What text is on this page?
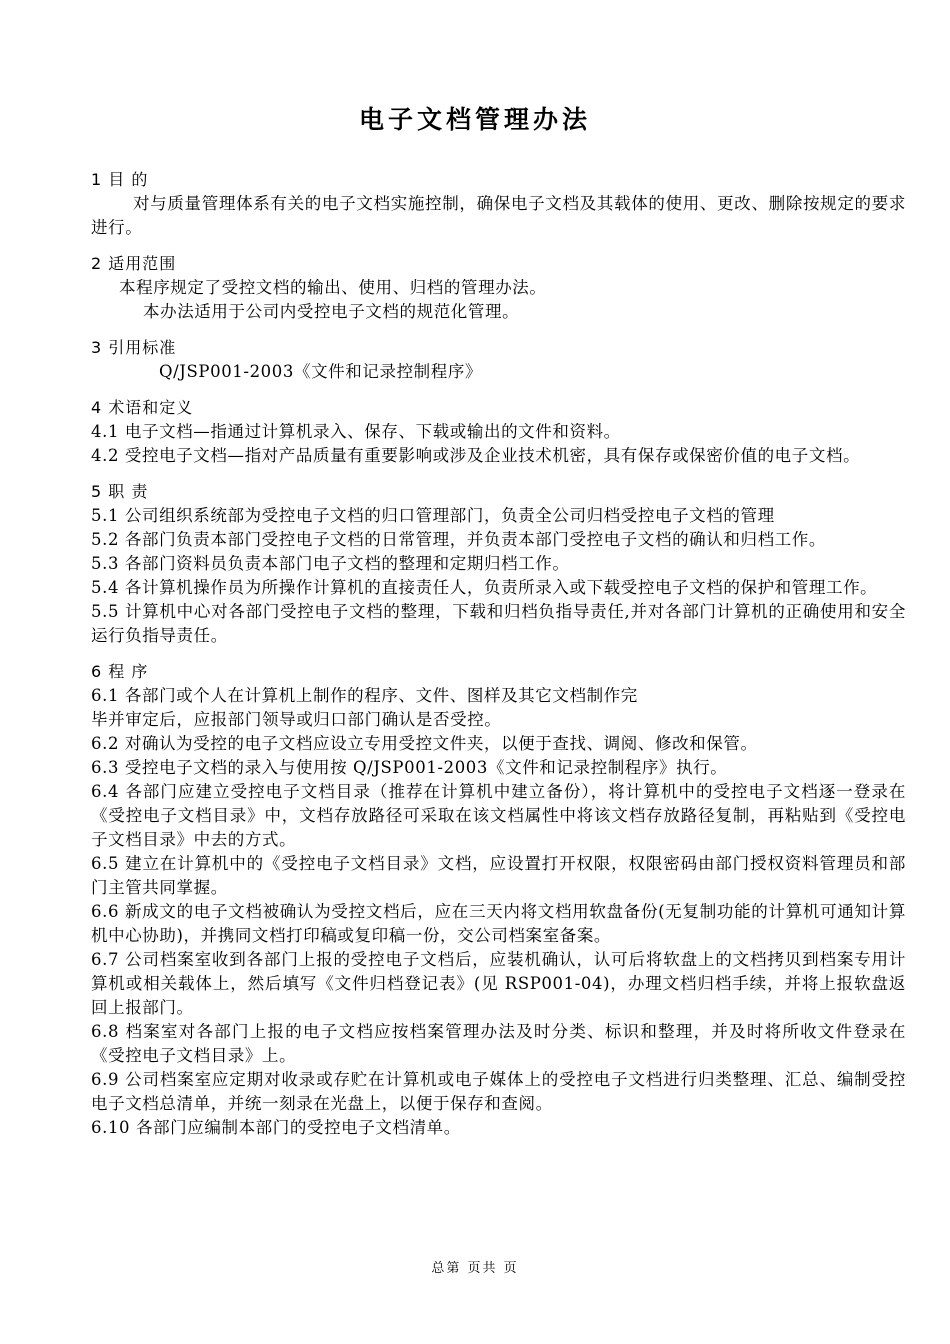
电子文档管理办法
1 目 的
对与质量管理体系有关的电子文档实施控制，确保电子文档及其载体的使用、更改、删除按规定的要求进行。
2 适用范围
本程序规定了受控文档的输出、使用、归档的管理办法。
本办法适用于公司内受控电子文档的规范化管理。
3 引用标准
Q/JSP001-2003《文件和记录控制程序》
4 术语和定义
4.1 电子文档—指通过计算机录入、保存、下载或输出的文件和资料。
4.2 受控电子文档—指对产品质量有重要影响或涉及企业技术机密，具有保存或保密价值的电子文档。
5 职 责
5.1 公司组织系统部为受控电子文档的归口管理部门，负责全公司归档受控电子文档的管理
5.2 各部门负责本部门受控电子文档的日常管理，并负责本部门受控电子文档的确认和归档工作。
5.3 各部门资料员负责本部门电子文档的整理和定期归档工作。
5.4 各计算机操作员为所操作计算机的直接责任人，负责所录入或下载受控电子文档的保护和管理工作。
5.5 计算机中心对各部门受控电子文档的整理，下载和归档负指导责任,并对各部门计算机的正确使用和安全运行负指导责任。
6 程 序
6.1 各部门或个人在计算机上制作的程序、文件、图样及其它文档制作完
毕并审定后，应报部门领导或归口部门确认是否受控。
6.2 对确认为受控的电子文档应设立专用受控文件夹，以便于查找、调阅、修改和保管。
6.3 受控电子文档的录入与使用按 Q/JSP001-2003《文件和记录控制程序》执行。
6.4 各部门应建立受控电子文档目录（推荐在计算机中建立备份），将计算机中的受控电子文档逐一登录在《受控电子文档目录》中，文档存放路径可采取在该文档属性中将该文档存放路径复制，再粘贴到《受控电子文档目录》中去的方式。
6.5 建立在计算机中的《受控电子文档目录》文档，应设置打开权限，权限密码由部门授权资料管理员和部门主管共同掌握。
6.6 新成文的电子文档被确认为受控文档后，应在三天内将文档用软盘备份(无复制功能的计算机可通知计算机中心协助)，并携同文档打印稿或复印稿一份，交公司档案室备案。
6.7 公司档案室收到各部门上报的受控电子文档后，应装机确认，认可后将软盘上的文档拷贝到档案专用计算机或相关载体上，然后填写《文件归档登记表》(见 RSP001-04)，办理文档归档手续，并将上报软盘返回上报部门。
6.8 档案室对各部门上报的电子文档应按档案管理办法及时分类、标识和整理，并及时将所收文件登录在《受控电子文档目录》上。
6.9 公司档案室应定期对收录或存贮在计算机或电子媒体上的受控电子文档进行归类整理、汇总、编制受控电子文档总清单，并统一刻录在光盘上，以便于保存和查阅。
6.10 各部门应编制本部门的受控电子文档清单。
总第 页共 页
